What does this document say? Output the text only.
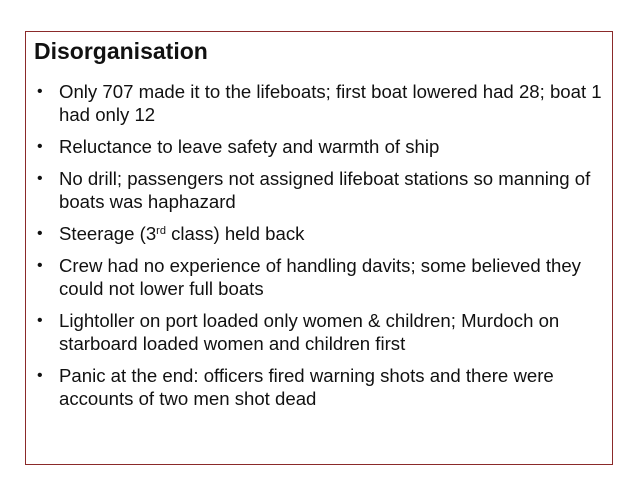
Disorganisation
• Only 707 made it to the lifeboats; first boat lowered had 28; boat 1 had only 12
• Reluctance to leave safety and warmth of ship
• No drill; passengers not assigned lifeboat stations so manning of boats was haphazard
• Steerage (3rd class) held back
• Crew had no experience of handling davits; some believed they could not lower full boats
• Lightoller on port loaded only women & children; Murdoch on starboard loaded women and children first
• Panic at the end: officers fired warning shots and there were accounts of two men shot dead
